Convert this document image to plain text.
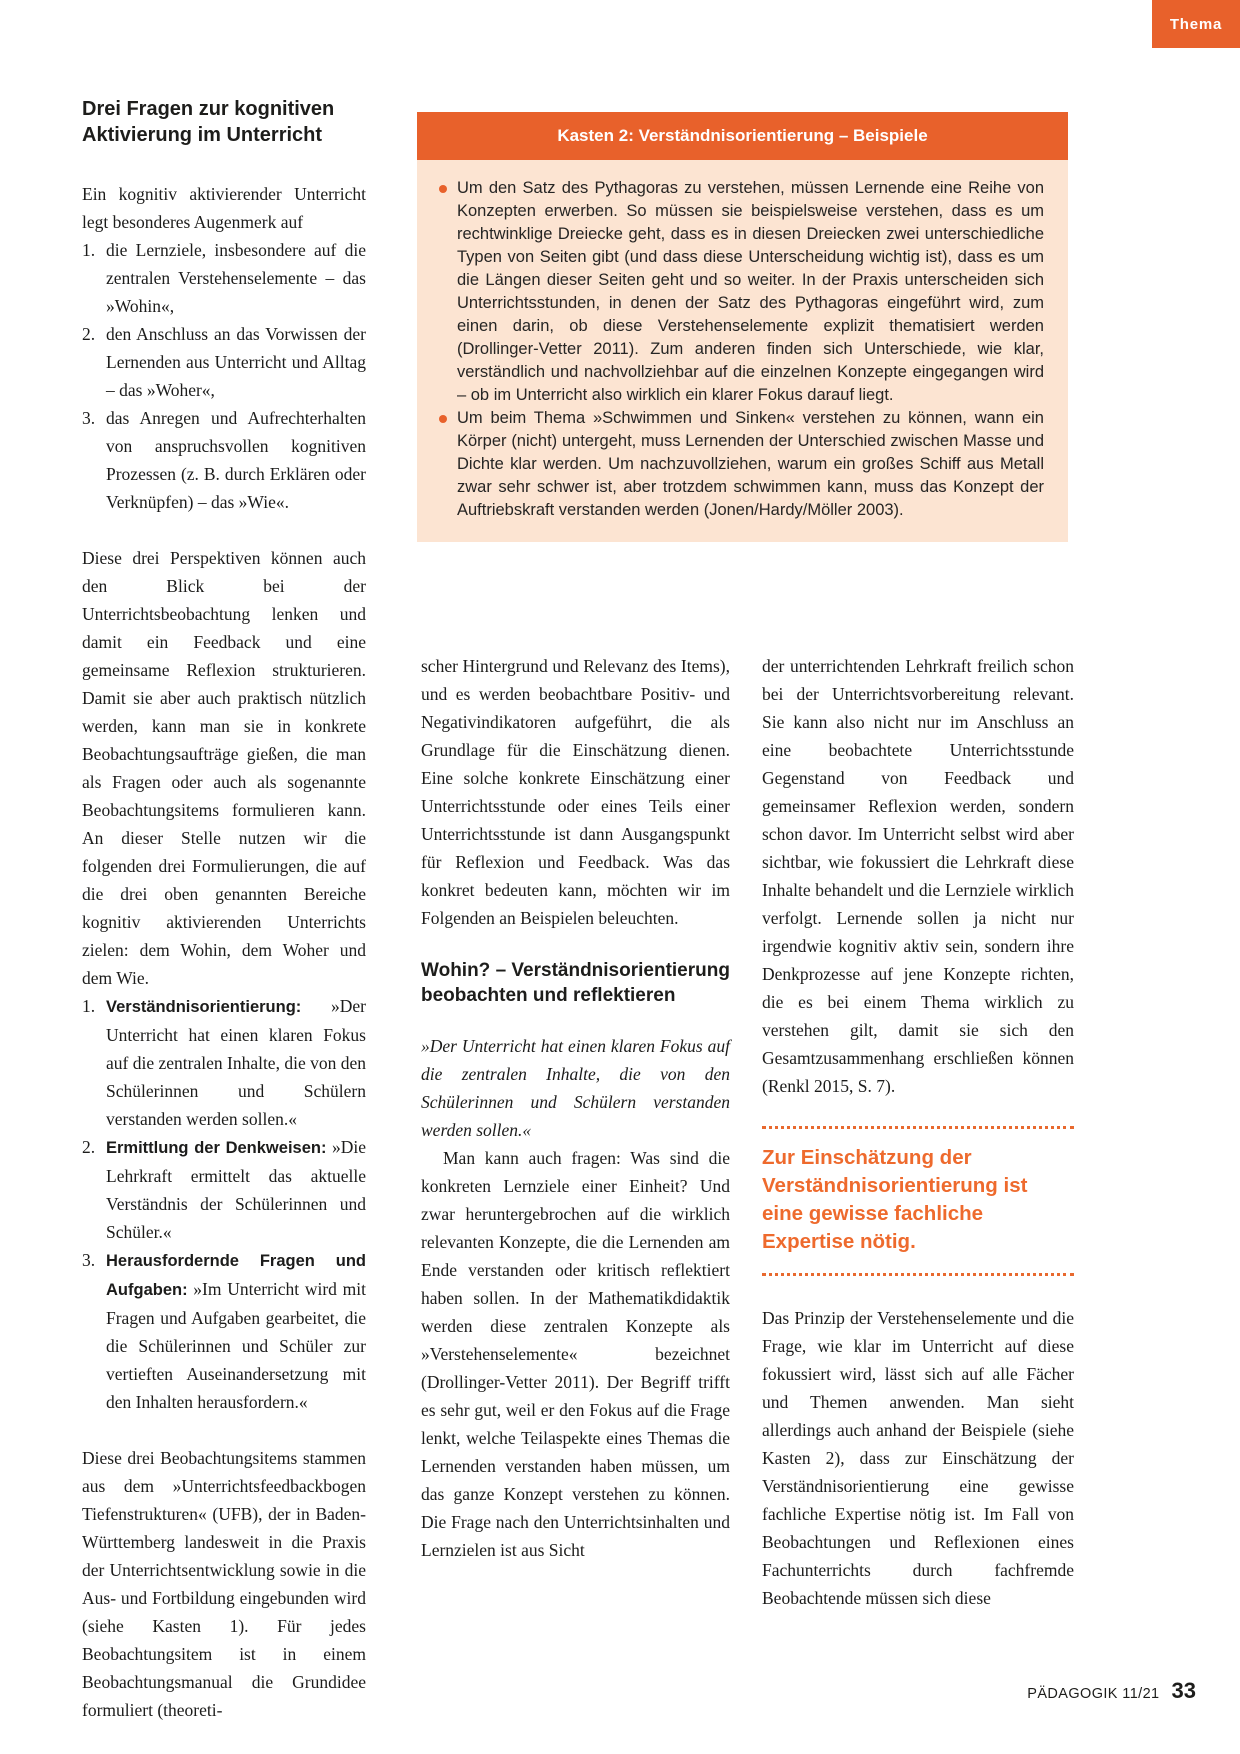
Thema
Drei Fragen zur kognitiven Aktivierung im Unterricht

Ein kognitiv aktivierender Unterricht legt besonderes Augenmerk auf

1. die Lernziele, insbesondere auf die zentralen Verstehenselemente – das »Wohin«,
2. den Anschluss an das Vorwissen der Lernenden aus Unterricht und Alltag – das »Woher«,
3. das Anregen und Aufrechterhalten von anspruchsvollen kognitiven Prozessen (z. B. durch Erklären oder Verknüpfen) – das »Wie«.

Diese drei Perspektiven können auch den Blick bei der Unterrichtsbeobachtung lenken und damit ein Feedback und eine gemeinsame Reflexion strukturieren. Damit sie aber auch praktisch nützlich werden, kann man sie in konkrete Beobachtungsaufträge gießen, die man als Fragen oder auch als sogenannte Beobachtungsitems formulieren kann. An dieser Stelle nutzen wir die folgenden drei Formulierungen, die auf die drei oben genannten Bereiche kognitiv aktivierenden Unterrichts zielen: dem Wohin, dem Woher und dem Wie.

1. Verständnisorientierung: »Der Unterricht hat einen klaren Fokus auf die zentralen Inhalte, die von den Schülerinnen und Schülern verstanden werden sollen.«
2. Ermittlung der Denkweisen: »Die Lehrkraft ermittelt das aktuelle Verständnis der Schülerinnen und Schüler.«
3. Herausfordernde Fragen und Aufgaben: »Im Unterricht wird mit Fragen und Aufgaben gearbeitet, die die Schülerinnen und Schüler zur vertieften Auseinandersetzung mit den Inhalten herausfordern.«

Diese drei Beobachtungsitems stammen aus dem »Unterrichtsfeedbackbogen Tiefenstrukturen« (UFB), der in Baden-Württemberg landesweit in die Praxis der Unterrichtsentwicklung sowie in die Aus- und Fortbildung eingebunden wird (siehe Kasten 1). Für jedes Beobachtungsitem ist in einem Beobachtungsmanual die Grundidee formuliert (theoreti-

Kasten 2: Verständnisorientierung – Beispiele
Um den Satz des Pythagoras zu verstehen, müssen Lernende eine Reihe von Konzepten erwerben. So müssen sie beispielsweise verstehen, dass es um rechtwinklige Dreiecke geht, dass es in diesen Dreiecken zwei unterschiedliche Typen von Seiten gibt (und dass diese Unterscheidung wichtig ist), dass es um die Längen dieser Seiten geht und so weiter. In der Praxis unterscheiden sich Unterrichtsstunden, in denen der Satz des Pythagoras eingeführt wird, zum einen darin, ob diese Verstehenselemente explizit thematisiert werden (Drollinger-Vetter 2011). Zum anderen finden sich Unterschiede, wie klar, verständlich und nachvollziehbar auf die einzelnen Konzepte eingegangen wird – ob im Unterricht also wirklich ein klarer Fokus darauf liegt.
Um beim Thema »Schwimmen und Sinken« verstehen zu können, wann ein Körper (nicht) untergeht, muss Lernenden der Unterschied zwischen Masse und Dichte klar werden. Um nachzuvollziehen, warum ein großes Schiff aus Metall zwar sehr schwer ist, aber trotzdem schwimmen kann, muss das Konzept der Auftriebskraft verstanden werden (Jonen/Hardy/Möller 2003).

scher Hintergrund und Relevanz des Items), und es werden beobachtbare Positiv- und Negativindikatoren aufgeführt, die als Grundlage für die Einschätzung dienen. Eine solche konkrete Einschätzung einer Unterrichtsstunde oder eines Teils einer Unterrichtsstunde ist dann Ausgangspunkt für Reflexion und Feedback. Was das konkret bedeuten kann, möchten wir im Folgenden an Beispielen beleuchten.

Wohin? – Verständnisorientierung beobachten und reflektieren

»Der Unterricht hat einen klaren Fokus auf die zentralen Inhalte, die von den Schülerinnen und Schülern verstanden werden sollen.«

Man kann auch fragen: Was sind die konkreten Lernziele einer Einheit? Und zwar heruntergebrochen auf die wirklich relevanten Konzepte, die die Lernenden am Ende verstanden oder kritisch reflektiert haben sollen. In der Mathematikdidaktik werden diese zentralen Konzepte als »Verstehenselemente« bezeichnet (Drollinger-Vetter 2011). Der Begriff trifft es sehr gut, weil er den Fokus auf die Frage lenkt, welche Teilaspekte eines Themas die Lernenden verstanden haben müssen, um das ganze Konzept verstehen zu können. Die Frage nach den Unterrichtsinhalten und Lernzielen ist aus Sicht

der unterrichtenden Lehrkraft freilich schon bei der Unterrichtsvorbereitung relevant. Sie kann also nicht nur im Anschluss an eine beobachtete Unterrichtsstunde Gegenstand von Feedback und gemeinsamer Reflexion werden, sondern schon davor. Im Unterricht selbst wird aber sichtbar, wie fokussiert die Lehrkraft diese Inhalte behandelt und die Lernziele wirklich verfolgt. Lernende sollen ja nicht nur irgendwie kognitiv aktiv sein, sondern ihre Denkprozesse auf jene Konzepte richten, die es bei einem Thema wirklich zu verstehen gilt, damit sie sich den Gesamtzusammenhang erschließen können (Renkl 2015, S. 7).

Zur Einschätzung der Verständnisorientierung ist eine gewisse fachliche Expertise nötig.

Das Prinzip der Verstehenselemente und die Frage, wie klar im Unterricht auf diese fokussiert wird, lässt sich auf alle Fächer und Themen anwenden. Man sieht allerdings auch anhand der Beispiele (siehe Kasten 2), dass zur Einschätzung der Verständnisorientierung eine gewisse fachliche Expertise nötig ist. Im Fall von Beobachtungen und Reflexionen eines Fachunterrichts durch fachfremde Beobachtende müssen sich diese

PÄDAGOGIK 11/21 33
